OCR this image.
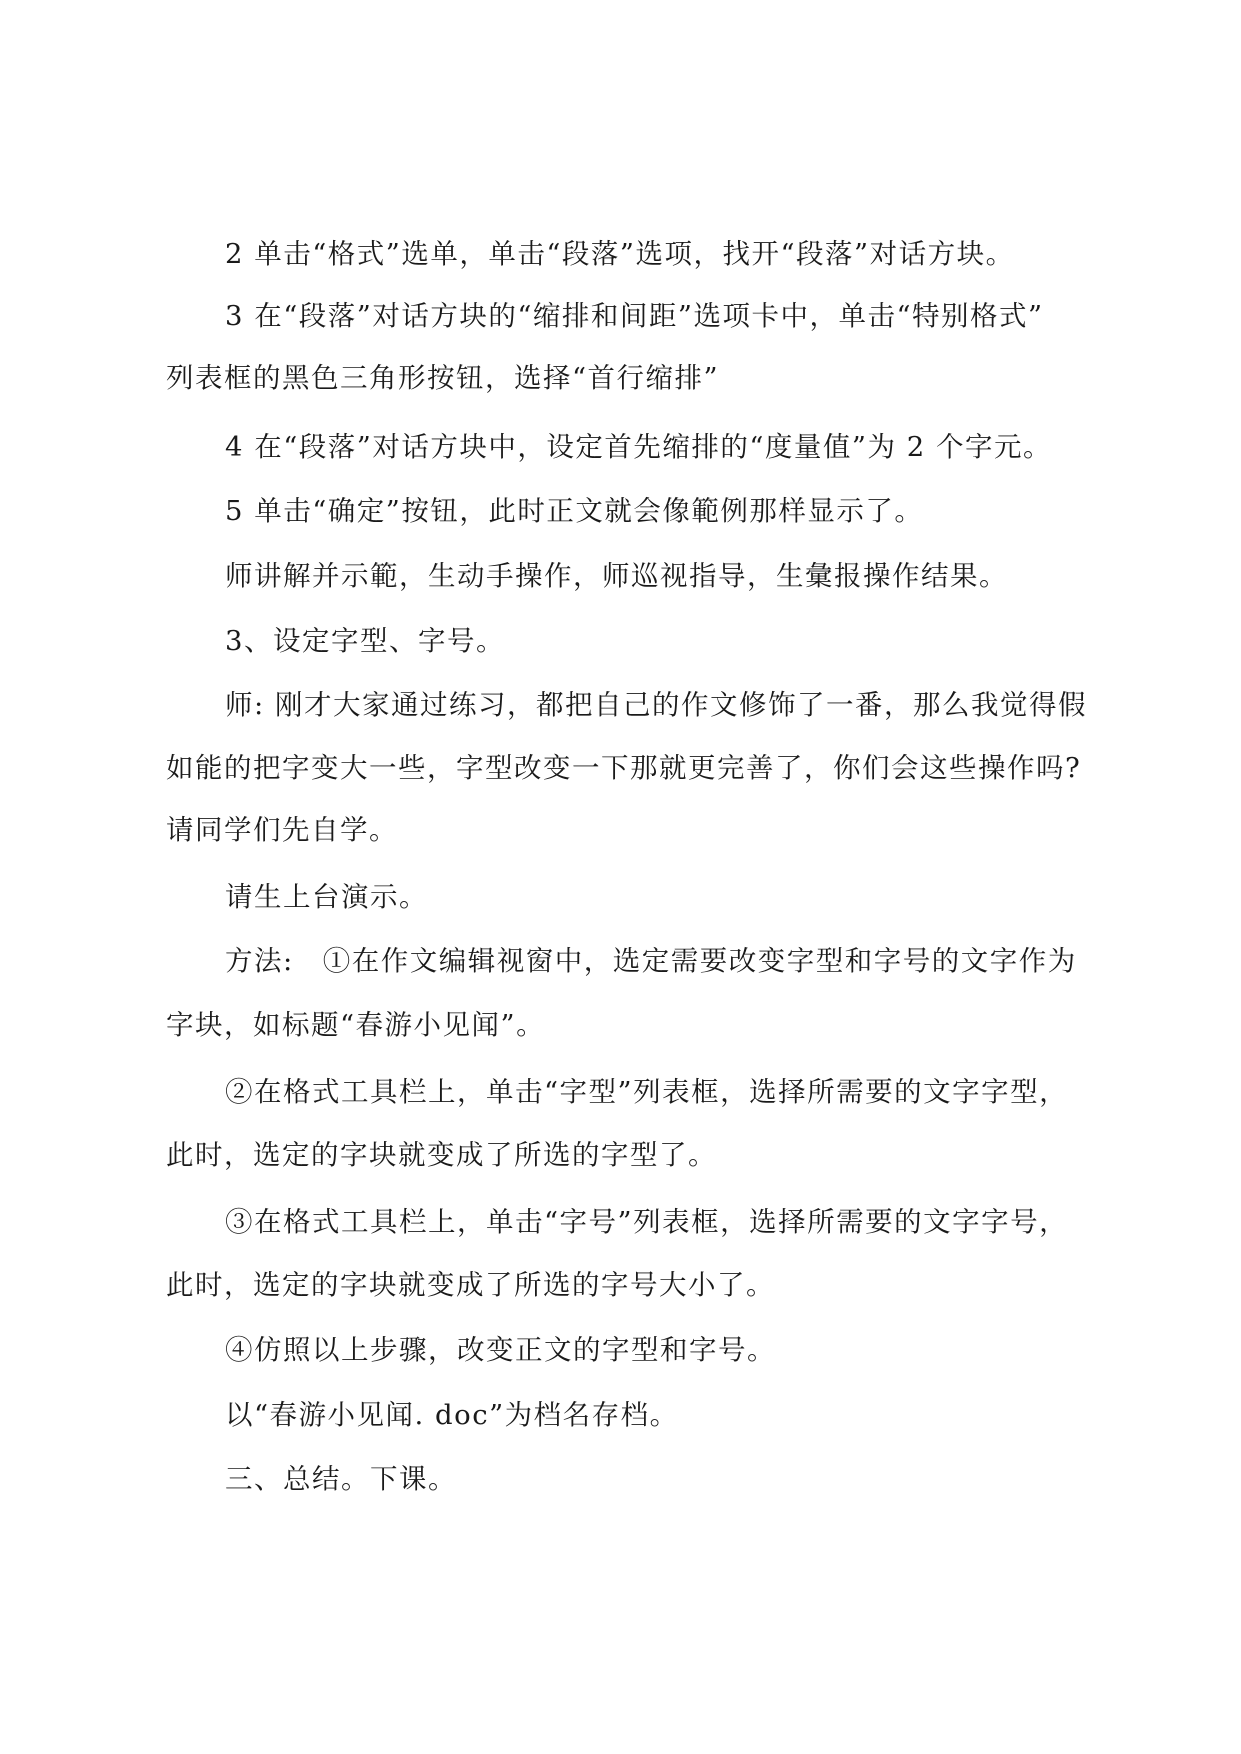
2 单击“格式”选单，单击“段落”选项，找开“段落”对话方块。
3 在“段落”对话方块的“缩排和间距”选项卡中，单击“特别格式”
列表框的黑色三角形按钮，选择“首行缩排”
4 在“段落”对话方块中，设定首先缩排的“度量值”为 2 个字元。
5 单击“确定”按钮，此时正文就会像範例那样显示了。
师讲解并示範，生动手操作，师巡视指导，生彙报操作结果。
3、设定字型、字号。
师: 刚才大家通过练习，都把自己的作文修饰了一番，那么我觉得假
如能的把字变大一些，字型改变一下那就更完善了，你们会这些操作吗?
请同学们先自学。
请生上台演示。
方法:　①在作文编辑视窗中，选定需要改变字型和字号的文字作为
字块，如标题“春游小见闻”。
②在格式工具栏上，单击“字型”列表框，选择所需要的文字字型，
此时，选定的字块就变成了所选的字型了。
③在格式工具栏上，单击“字号”列表框，选择所需要的文字字号，
此时，选定的字块就变成了所选的字号大小了。
④仿照以上步骤，改变正文的字型和字号。
以“春游小见闻. doc”为档名存档。
三、总结。下课。
